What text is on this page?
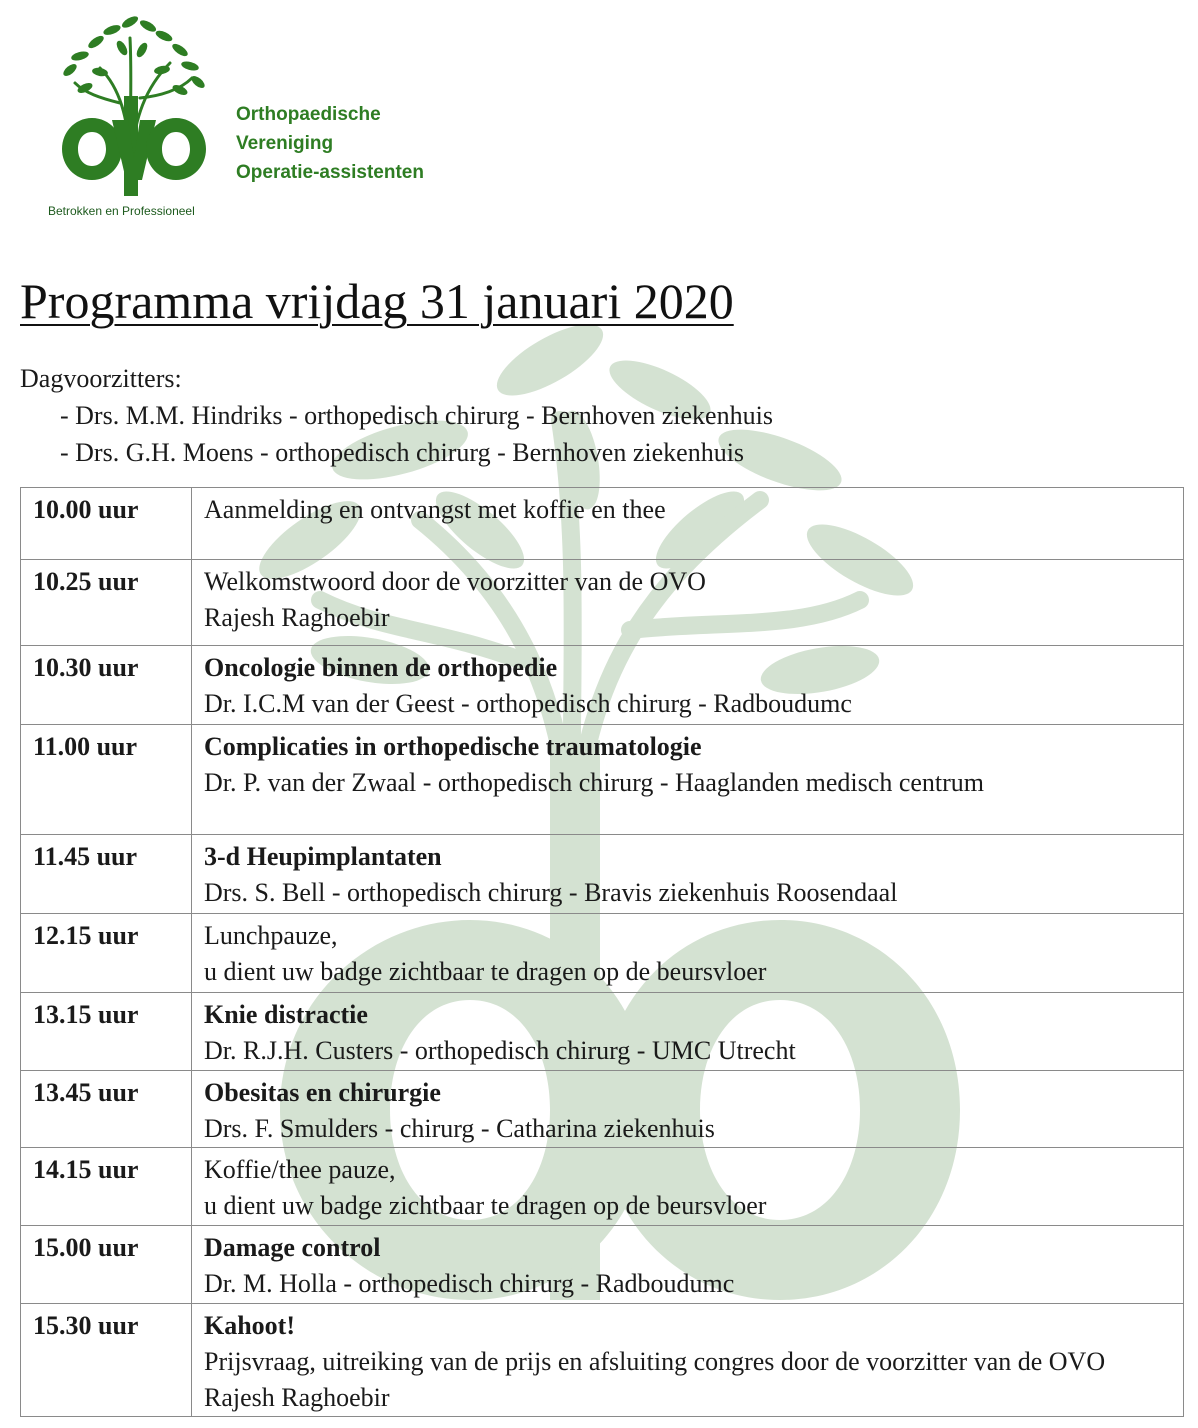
Betrokken en Professioneel
Orthopaedische
Vereniging
Operatie-assistenten
Programma vrijdag 31 januari 2020
Dagvoorzitters:
- Drs. M.M. Hindriks - orthopedisch chirurg - Bernhoven ziekenhuis
- Drs. G.H. Moens - orthopedisch chirurg - Bernhoven ziekenhuis
10.00 uur	Aanmelding en ontvangst met koffie en thee

10.25 uur	Welkomstwoord door de voorzitter van de OVO
Rajesh Raghoebir

10.30 uur	Oncologie binnen de orthopedie
Dr. I.C.M van der Geest - orthopedisch chirurg - Radboudumc

11.00 uur	Complicaties in orthopedische traumatologie
Dr. P. van der Zwaal - orthopedisch chirurg - Haaglanden medisch centrum

11.45 uur	3-d Heupimplantaten
Drs. S. Bell - orthopedisch chirurg - Bravis ziekenhuis Roosendaal

12.15 uur	Lunchpauze,
u dient uw badge zichtbaar te dragen op de beursvloer

13.15 uur	Knie distractie
Dr. R.J.H. Custers - orthopedisch chirurg - UMC Utrecht

13.45 uur	Obesitas en chirurgie
Drs. F. Smulders - chirurg - Catharina ziekenhuis

14.15 uur	Koffie/thee pauze,
u dient uw badge zichtbaar te dragen op de beursvloer

15.00 uur	Damage control
Dr. M. Holla - orthopedisch chirurg - Radboudumc

15.30 uur	Kahoot!
Prijsvraag, uitreiking van de prijs en afsluiting congres door de voorzitter van de OVO Rajesh Raghoebir
